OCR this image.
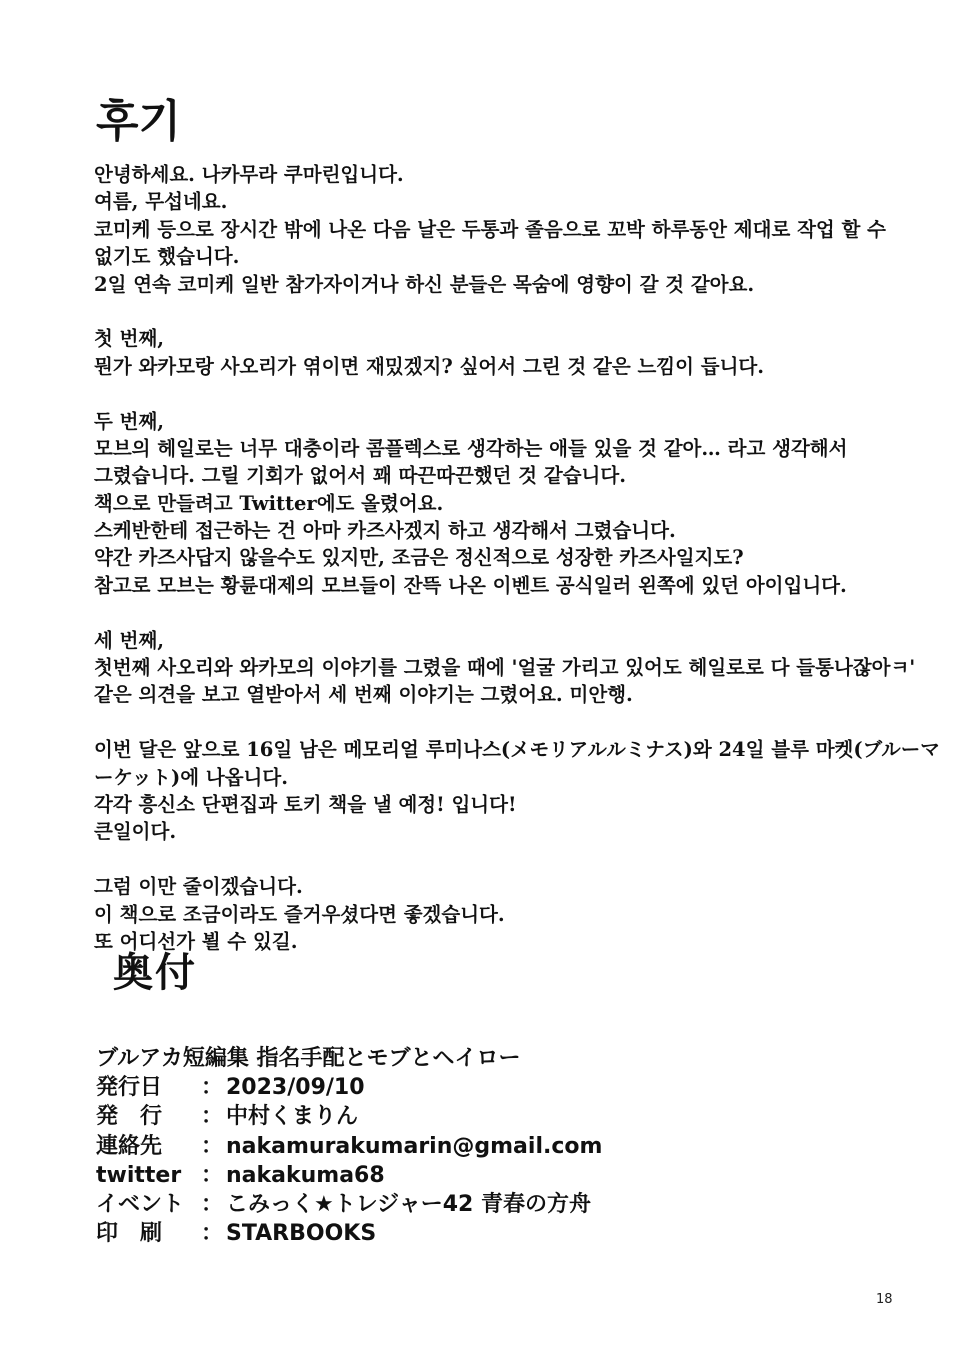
후기
안녕하세요. 나카무라 쿠마린입니다.
여름, 무섭네요.
코미케 등으로 장시간 밖에 나온 다음 날은 두통과 졸음으로 꼬박 하루동안 제대로 작업 할 수
없기도 했습니다.
2일 연속 코미케 일반 참가자이거나 하신 분들은 목숨에 영향이 갈 것 같아요.
첫 번째,
뭔가 와카모랑 사오리가 엮이면 재밌겠지? 싶어서 그린 것 같은 느낌이 듭니다.
두 번째,
모브의 헤일로는 너무 대충이라 콤플렉스로 생각하는 애들 있을 것 같아… 라고 생각해서
그렸습니다. 그릴 기회가 없어서 꽤 따끈따끈했던 것 같습니다.
책으로 만들려고 Twitter에도 올렸어요.
스케반한테 접근하는 건 아마 카즈사겠지 하고 생각해서 그렸습니다.
약간 카즈사답지 않을수도 있지만, 조금은 정신적으로 성장한 카즈사일지도?
참고로 모브는 황륜대제의 모브들이 잔뜩 나온 이벤트 공식일러 왼쪽에 있던 아이입니다.
세 번째,
첫번째 사오리와 와카모의 이야기를 그렸을 때에 '얼굴 가리고 있어도 헤일로로 다 들통나잖아ㅋ'
같은 의견을 보고 열받아서 세 번째 이야기는 그렸어요. 미안행.
이번 달은 앞으로 16일 남은 메모리얼 루미나스(メモリアルルミナス)와 24일 블루 마켓(ブルーマ
ーケット)에 나옵니다.
각각 흥신소 단편집과 토키 책을 낼 예정! 입니다!
큰일이다.
그럼 이만 줄이겠습니다.
이 책으로 조금이라도 즐거우셨다면 좋겠습니다.
또 어디선가 뵐 수 있길.
奥付
ブルアカ短編集 指名手配とモブとヘイロー
発行日 ： 2023/09/10
発　行 ： 中村くまりん
連絡先 ： nakamurakumarin@gmail.com
twitter ： nakakuma68
イベント ： こみっく★トレジャー42 青春の方舟
印　刷 ： STARBOOKS
18
